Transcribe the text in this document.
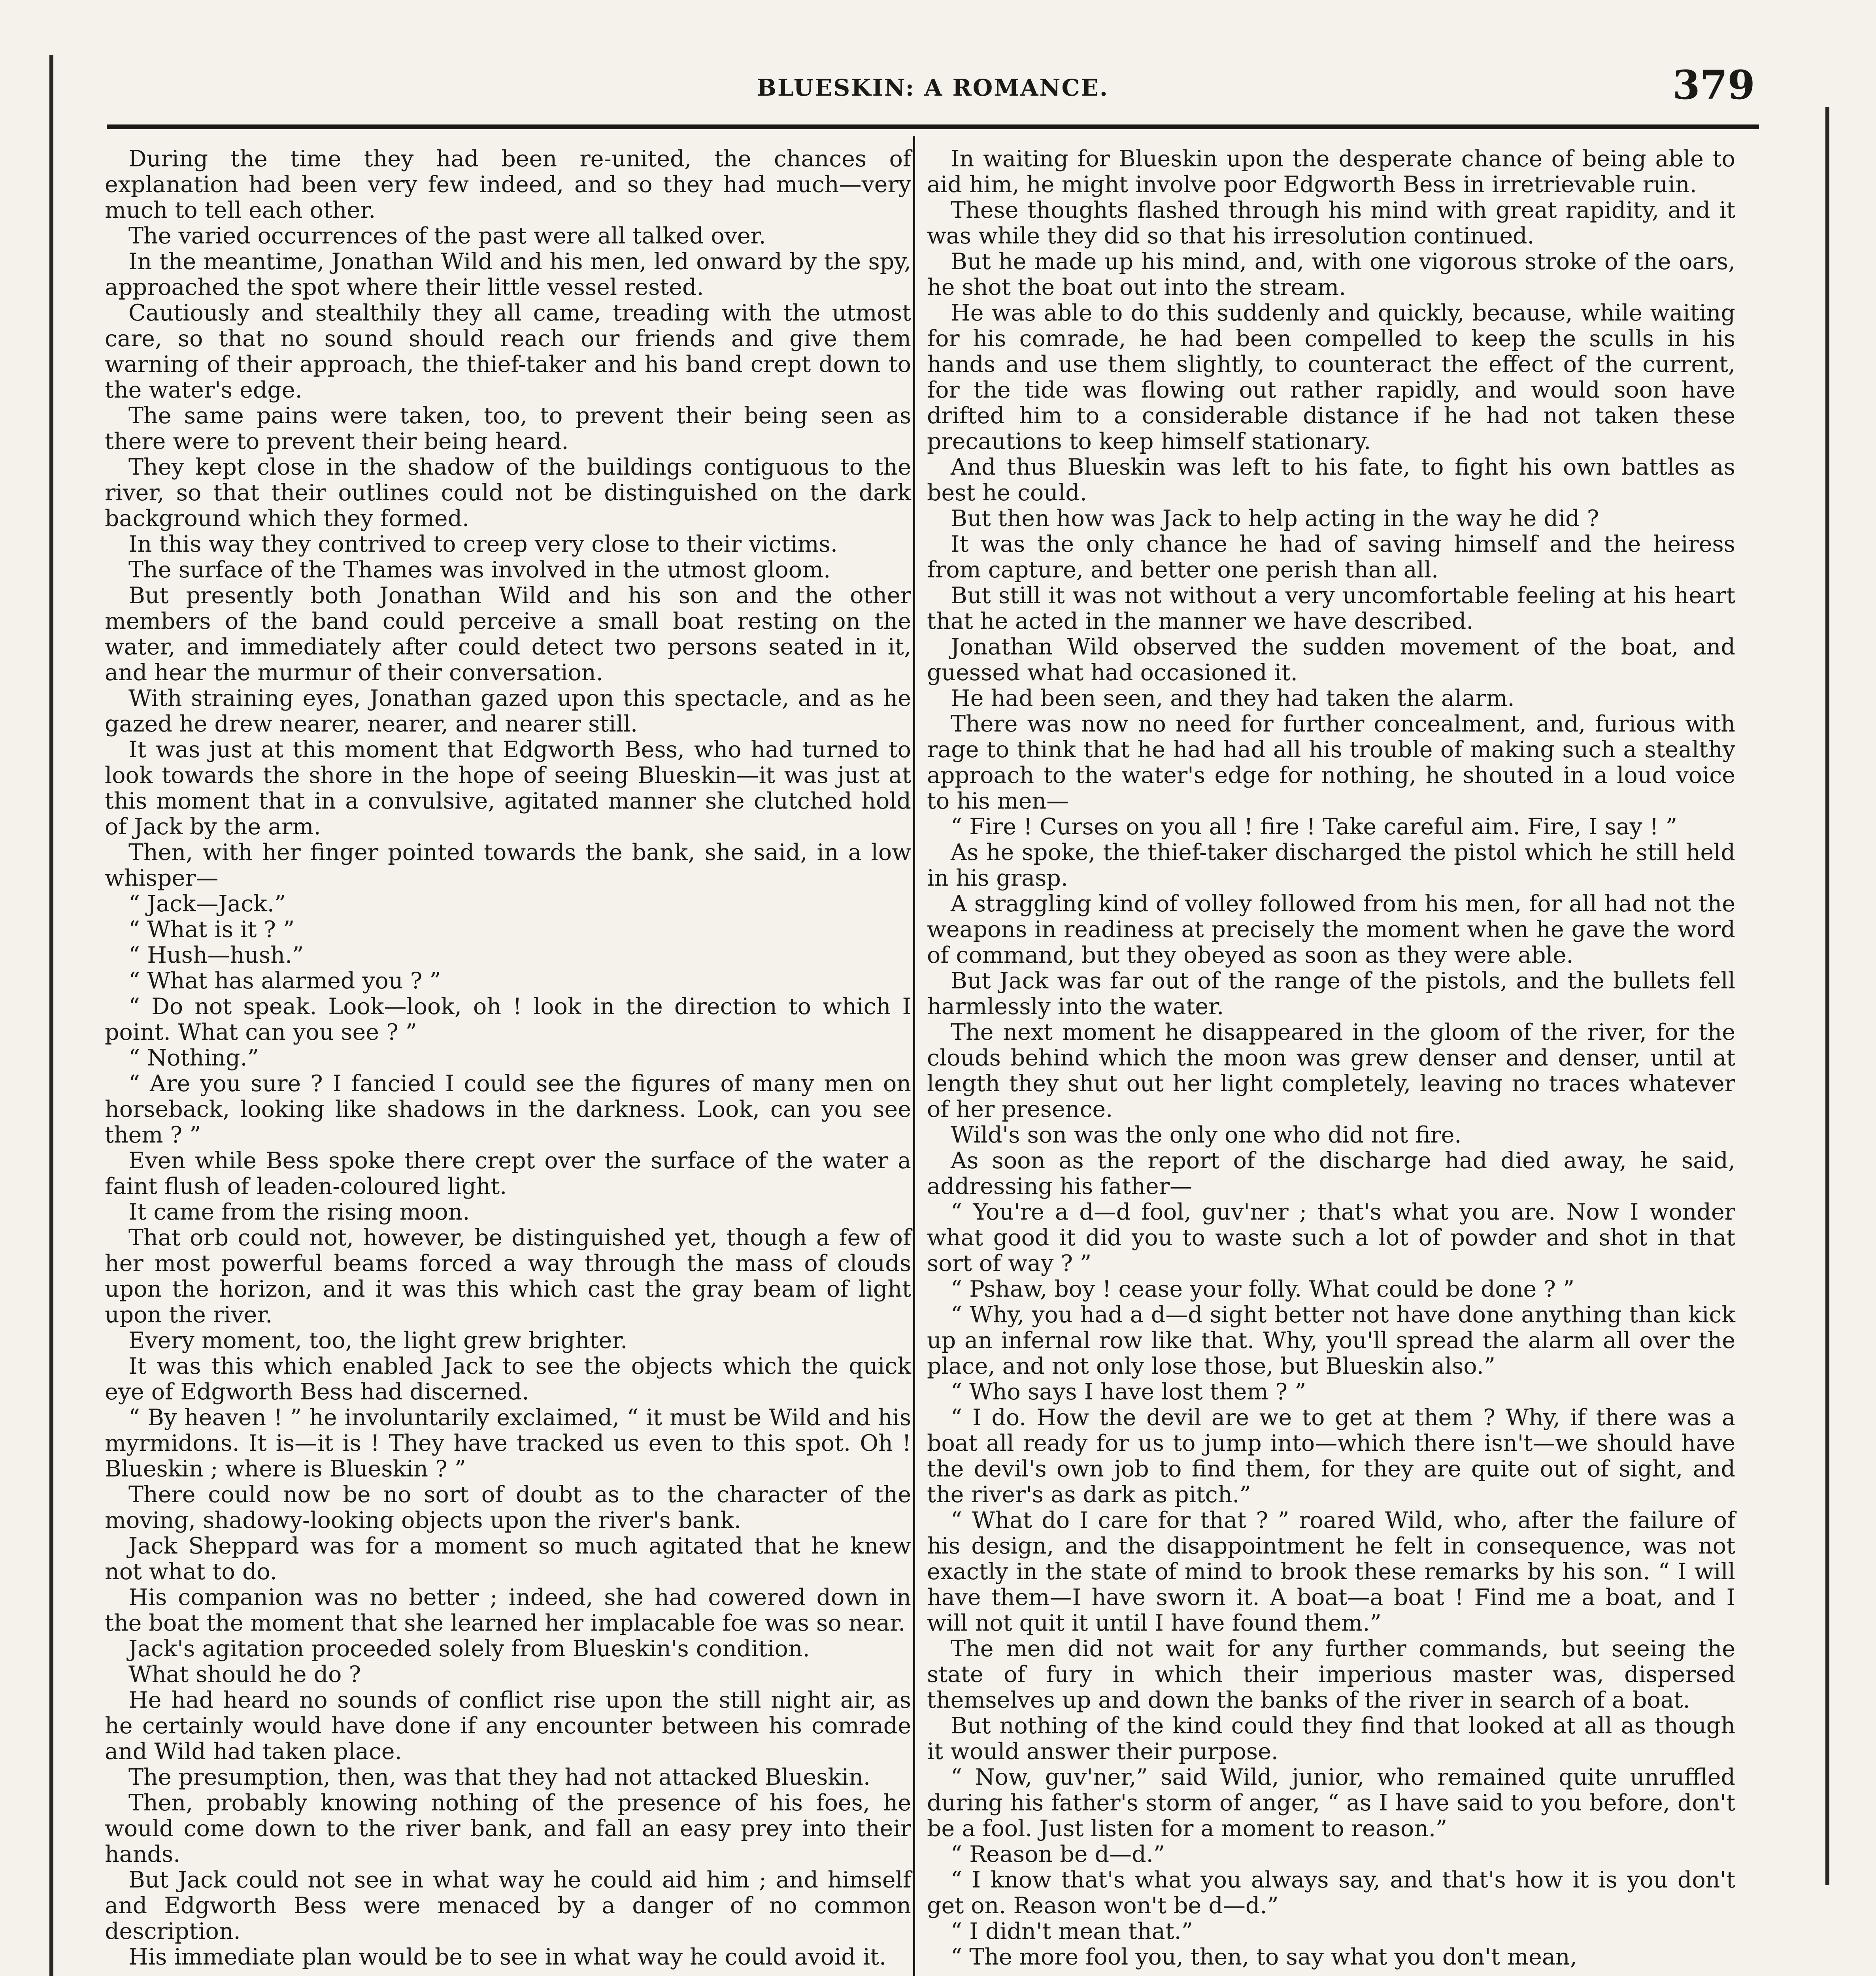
BLUESKIN: A ROMANCE.	379

During the time they had been re-united, the chances of explanation had been very few indeed, and so they had much—very much to tell each other.

The varied occurrences of the past were all talked over.

In the meantime, Jonathan Wild and his men, led onward by the spy, approached the spot where their little vessel rested.

Cautiously and stealthily they all came, treading with the utmost care, so that no sound should reach our friends and give them warning of their approach, the thief-taker and his band crept down to the water's edge.

The same pains were taken, too, to prevent their being seen as there were to prevent their being heard.

They kept close in the shadow of the buildings contiguous to the river, so that their outlines could not be distinguished on the dark background which they formed.

In this way they contrived to creep very close to their victims.

The surface of the Thames was involved in the utmost gloom.

But presently both Jonathan Wild and his son and the other members of the band could perceive a small boat resting on the water, and immediately after could detect two persons seated in it, and hear the murmur of their conversation.

With straining eyes, Jonathan gazed upon this spectacle, and as he gazed he drew nearer, nearer, and nearer still.

It was just at this moment that Edgworth Bess, who had turned to look towards the shore in the hope of seeing Blueskin—it was just at this moment that in a convulsive, agitated manner she clutched hold of Jack by the arm.

Then, with her finger pointed towards the bank, she said, in a low whisper—

“ Jack—Jack.”

“ What is it ? ”

“ Hush—hush.”

“ What has alarmed you ? ”

“ Do not speak. Look—look, oh ! look in the direction to which I point. What can you see ? ”

“ Nothing.”

“ Are you sure ? I fancied I could see the figures of many men on horseback, looking like shadows in the darkness. Look, can you see them ? ”

Even while Bess spoke there crept over the surface of the water a faint flush of leaden-coloured light.

It came from the rising moon.

That orb could not, however, be distinguished yet, though a few of her most powerful beams forced a way through the mass of clouds upon the horizon, and it was this which cast the gray beam of light upon the river.

Every moment, too, the light grew brighter.

It was this which enabled Jack to see the objects which the quick eye of Edgworth Bess had discerned.

“ By heaven ! ” he involuntarily exclaimed, “ it must be Wild and his myrmidons. It is—it is ! They have tracked us even to this spot. Oh ! Blueskin ; where is Blueskin ? ”

There could now be no sort of doubt as to the character of the moving, shadowy-looking objects upon the river's bank.

Jack Sheppard was for a moment so much agitated that he knew not what to do.

His companion was no better ; indeed, she had cowered down in the boat the moment that she learned her implacable foe was so near.

Jack's agitation proceeded solely from Blueskin's condition.

What should he do ?

He had heard no sounds of conflict rise upon the still night air, as he certainly would have done if any encounter between his comrade and Wild had taken place.

The presumption, then, was that they had not attacked Blueskin.

Then, probably knowing nothing of the presence of his foes, he would come down to the river bank, and fall an easy prey into their hands.

But Jack could not see in what way he could aid him ; and himself and Edgworth Bess were menaced by a danger of no common description.

His immediate plan would be to see in what way he could avoid it.

In waiting for Blueskin upon the desperate chance of being able to aid him, he might involve poor Edgworth Bess in irretrievable ruin.

These thoughts flashed through his mind with great rapidity, and it was while they did so that his irresolution continued.

But he made up his mind, and, with one vigorous stroke of the oars, he shot the boat out into the stream.

He was able to do this suddenly and quickly, because, while waiting for his comrade, he had been compelled to keep the sculls in his hands and use them slightly, to counteract the effect of the current, for the tide was flowing out rather rapidly, and would soon have drifted him to a considerable distance if he had not taken these precautions to keep himself stationary.

And thus Blueskin was left to his fate, to fight his own battles as best he could.

But then how was Jack to help acting in the way he did ?

It was the only chance he had of saving himself and the heiress from capture, and better one perish than all.

But still it was not without a very uncomfortable feeling at his heart that he acted in the manner we have described.

Jonathan Wild observed the sudden movement of the boat, and guessed what had occasioned it.

He had been seen, and they had taken the alarm.

There was now no need for further concealment, and, furious with rage to think that he had had all his trouble of making such a stealthy approach to the water's edge for nothing, he shouted in a loud voice to his men—

“ Fire ! Curses on you all ! fire ! Take careful aim. Fire, I say ! ”

As he spoke, the thief-taker discharged the pistol which he still held in his grasp.

A straggling kind of volley followed from his men, for all had not the weapons in readiness at precisely the moment when he gave the word of command, but they obeyed as soon as they were able.

But Jack was far out of the range of the pistols, and the bullets fell harmlessly into the water.

The next moment he disappeared in the gloom of the river, for the clouds behind which the moon was grew denser and denser, until at length they shut out her light completely, leaving no traces whatever of her presence.

Wild's son was the only one who did not fire.

As soon as the report of the discharge had died away, he said, addressing his father—

“ You're a d—d fool, guv'ner ; that's what you are. Now I wonder what good it did you to waste such a lot of powder and shot in that sort of way ? ”

“ Pshaw, boy ! cease your folly. What could be done ? ”

“ Why, you had a d—d sight better not have done anything than kick up an infernal row like that. Why, you'll spread the alarm all over the place, and not only lose those, but Blueskin also.”

“ Who says I have lost them ? ”

“ I do. How the devil are we to get at them ? Why, if there was a boat all ready for us to jump into—which there isn't—we should have the devil's own job to find them, for they are quite out of sight, and the river's as dark as pitch.”

“ What do I care for that ? ” roared Wild, who, after the failure of his design, and the disappointment he felt in consequence, was not exactly in the state of mind to brook these remarks by his son. “ I will have them—I have sworn it. A boat—a boat ! Find me a boat, and I will not quit it until I have found them.”

The men did not wait for any further commands, but seeing the state of fury in which their imperious master was, dispersed themselves up and down the banks of the river in search of a boat.

But nothing of the kind could they find that looked at all as though it would answer their purpose.

“ Now, guv'ner,” said Wild, junior, who remained quite unruffled during his father's storm of anger, “ as I have said to you before, don't be a fool. Just listen for a moment to reason.”

“ Reason be d—d.”

“ I know that's what you always say, and that's how it is you don't get on. Reason won't be d—d.”

“ I didn't mean that.”

“ The more fool you, then, to say what you don't mean,
